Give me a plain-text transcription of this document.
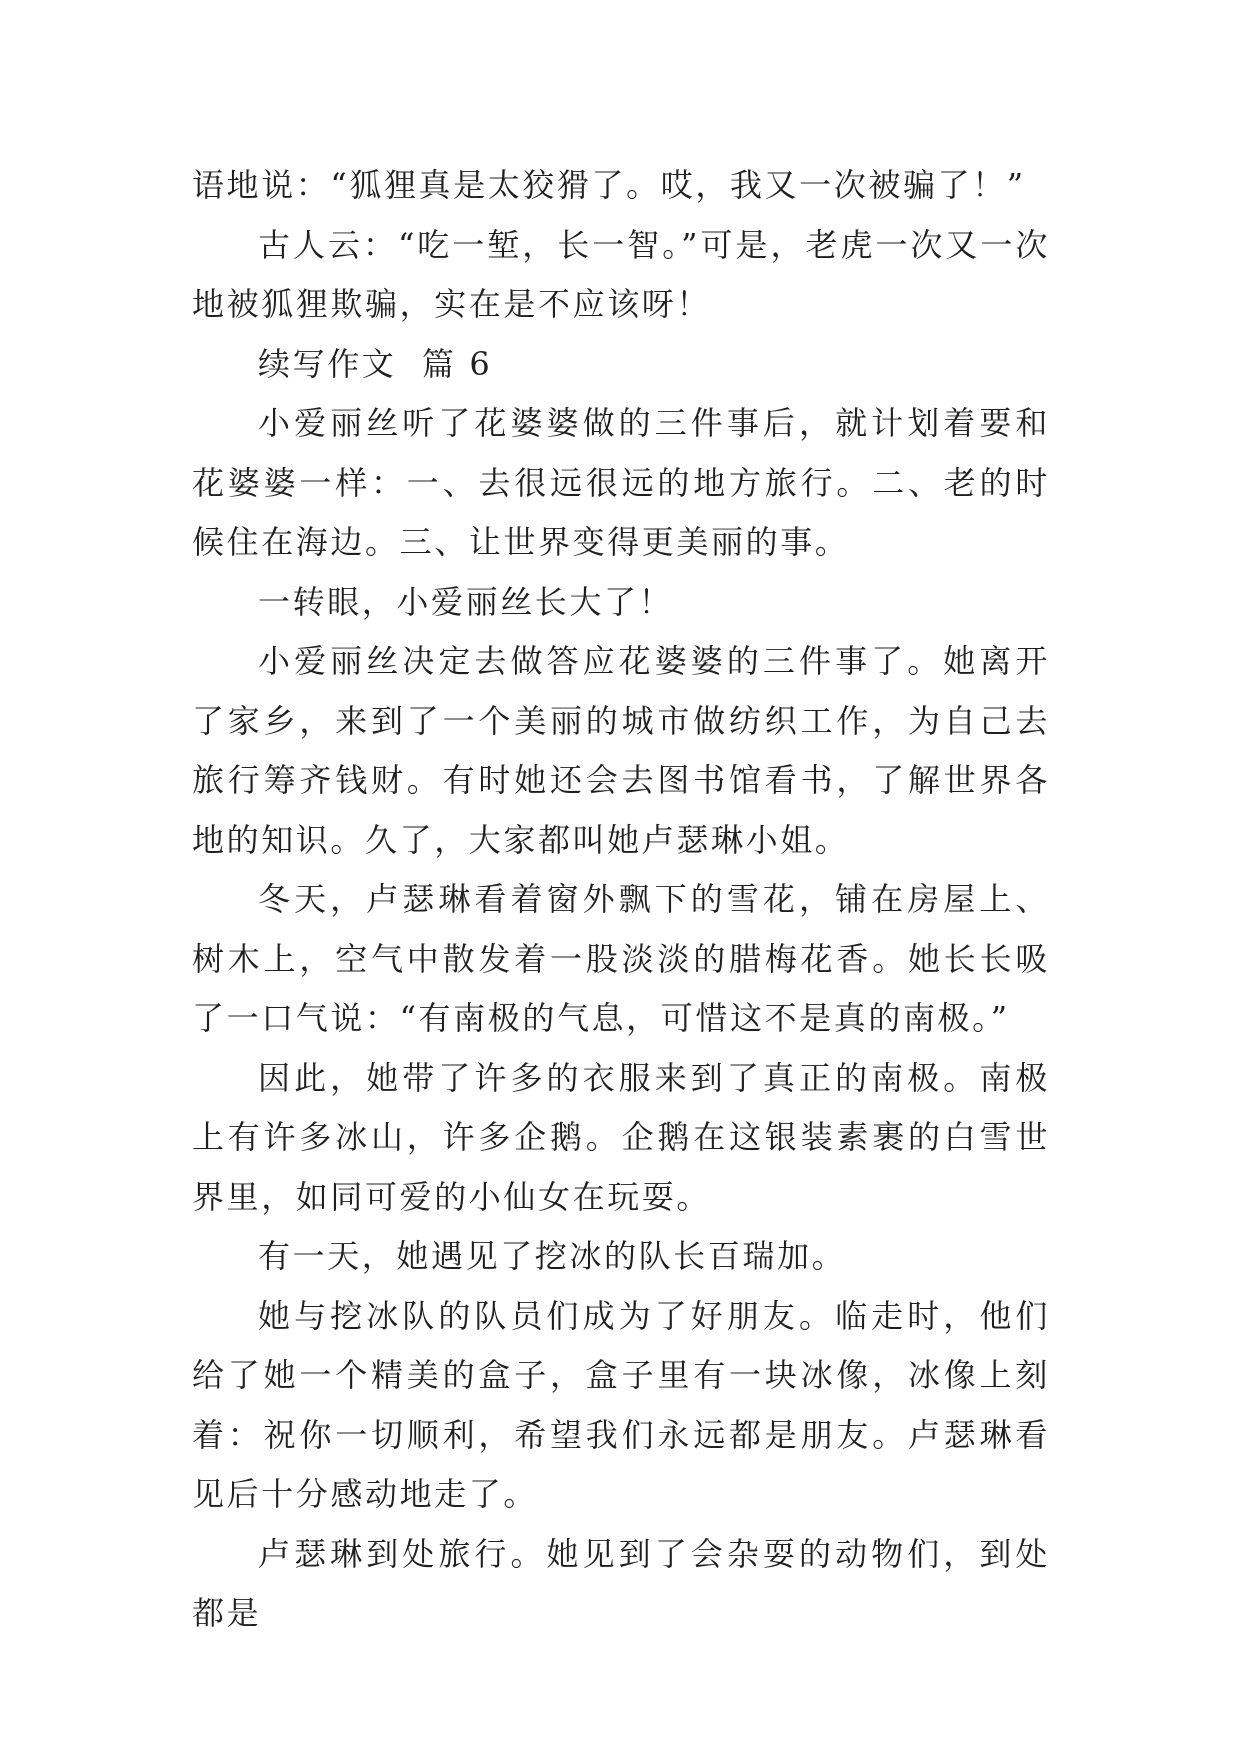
语地说：“狐狸真是太狡猾了。哎，我又一次被骗了！”

古人云：“吃一堑，长一智。”可是，老虎一次又一次地被狐狸欺骗，实在是不应该呀！

续写作文  篇 6

小爱丽丝听了花婆婆做的三件事后，就计划着要和花婆婆一样：一、去很远很远的地方旅行。二、老的时候住在海边。三、让世界变得更美丽的事。

一转眼，小爱丽丝长大了！

小爱丽丝决定去做答应花婆婆的三件事了。她离开了家乡，来到了一个美丽的城市做纺织工作，为自己去旅行筹齐钱财。有时她还会去图书馆看书，了解世界各地的知识。久了，大家都叫她卢瑟琳小姐。

冬天，卢瑟琳看着窗外飘下的雪花，铺在房屋上、树木上，空气中散发着一股淡淡的腊梅花香。她长长吸了一口气说：“有南极的气息，可惜这不是真的南极。”

因此，她带了许多的衣服来到了真正的南极。南极上有许多冰山，许多企鹅。企鹅在这银装素裹的白雪世界里，如同可爱的小仙女在玩耍。

有一天，她遇见了挖冰的队长百瑞加。

她与挖冰队的队员们成为了好朋友。临走时，他们给了她一个精美的盒子，盒子里有一块冰像，冰像上刻着：祝你一切顺利，希望我们永远都是朋友。卢瑟琳看见后十分感动地走了。

卢瑟琳到处旅行。她见到了会杂耍的动物们，到处都是
